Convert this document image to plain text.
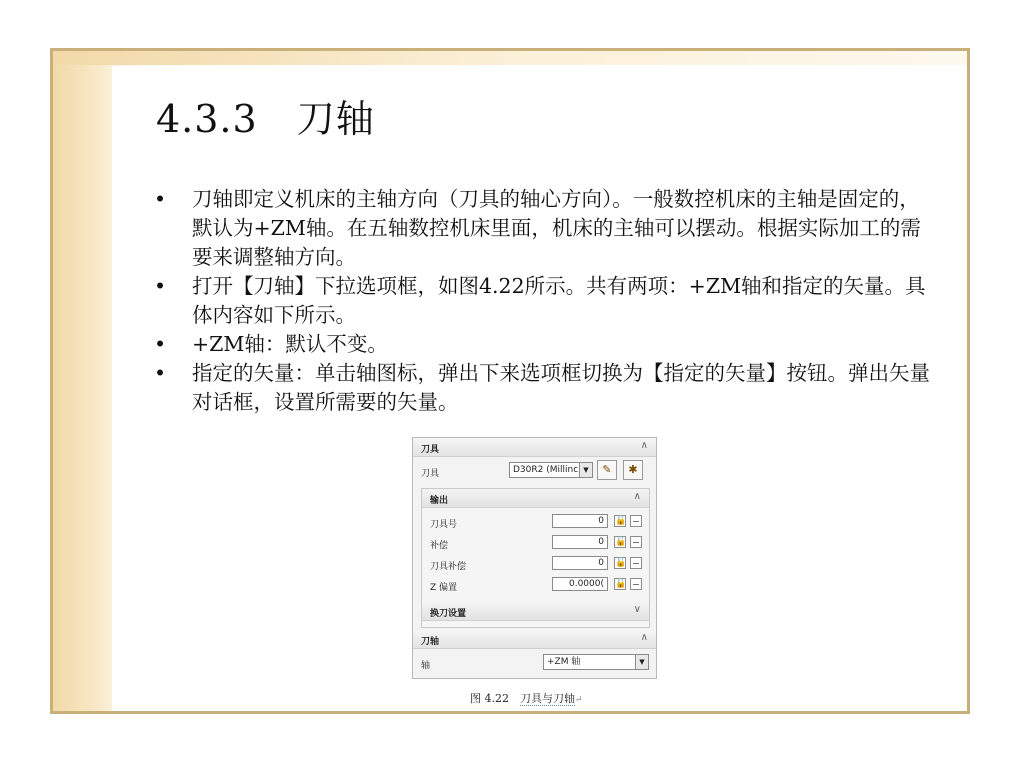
4.3.3　刀轴
•	刀轴即定义机床的主轴方向（刀具的轴心方向）。一般数控机床的主轴是固定的，默认为+ZM轴。在五轴数控机床里面，机床的主轴可以摆动。根据实际加工的需要来调整轴方向。
•	打开【刀轴】下拉选项框，如图4.22所示。共有两项：+ZM轴和指定的矢量。具体内容如下所示。
•	+ZM轴：默认不变。
•	指定的矢量：单击轴图标，弹出下来选项框切换为【指定的矢量】按钮。弹出矢量对话框，设置所需要的矢量。
刀具	∧
刀具	D30R2 (Millinc ▼	✎	✱
输出	∧
刀具号	0	🔓
补偿	0	🔓
刀具补偿	0	🔓
Z 偏置	0.0000(	🔓
换刀设置	∨
刀轴	∧
轴	+ZM 轴	▼
图 4.22　刀具与刀轴↵
